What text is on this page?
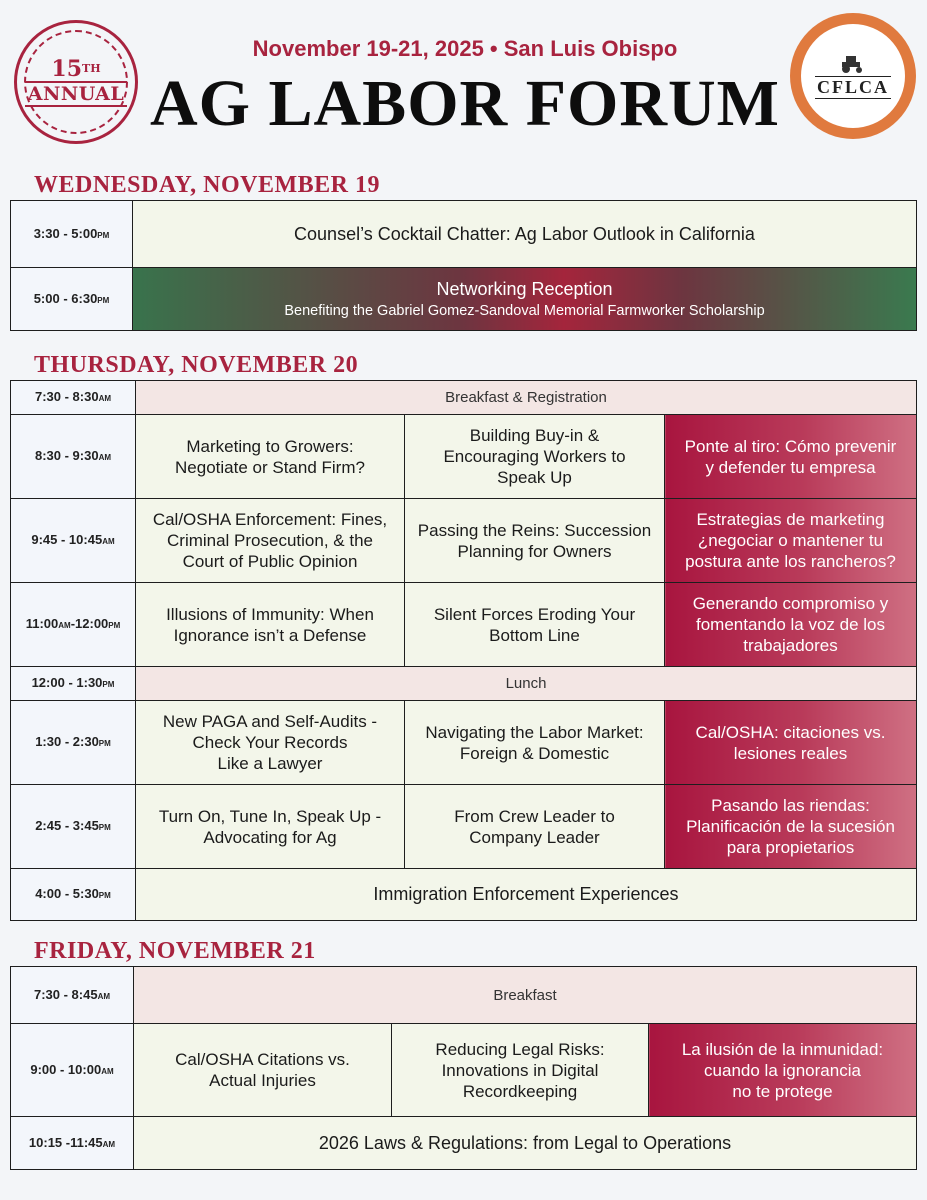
15TH
ANNUAL
November 19-21, 2025 • San Luis Obispo
AG LABOR FORUM CFLCA
WEDNESDAY, NOVEMBER 19
3:30 - 5:00PM	Counsel’s Cocktail Chatter: Ag Labor Outlook in California
5:00 - 6:30PM	Networking Reception
Benefiting the Gabriel Gomez-Sandoval Memorial Farmworker Scholarship
THURSDAY, NOVEMBER 20
7:30 - 8:30AM	Breakfast & Registration		
8:30 - 9:30AM	Marketing to Growers:
Negotiate or Stand Firm?	Building Buy-in &
Encouraging Workers to
Speak Up	Ponte al tiro: Cómo prevenir
y defender tu empresa
9:45 - 10:45AM	Cal/OSHA Enforcement: Fines,
Criminal Prosecution, & the
Court of Public Opinion	Passing the Reins: Succession
Planning for Owners	Estrategias de marketing
¿negociar o mantener tu
postura ante los rancheros?
11:00AM-12:00PM	Illusions of Immunity: When
Ignorance isn’t a Defense	Silent Forces Eroding Your
Bottom Line	Generando compromiso y
fomentando la voz de los
trabajadores
12:00 - 1:30PM	Lunch		
1:30 - 2:30PM	New PAGA and Self-Audits -
Check Your Records
Like a Lawyer	Navigating the Labor Market:
Foreign & Domestic	Cal/OSHA: citaciones vs.
lesiones reales
2:45 - 3:45PM	Turn On, Tune In, Speak Up -
Advocating for Ag	From Crew Leader to
Company Leader	Pasando las riendas:
Planificación de la sucesión
para propietarios
4:00 - 5:30PM	Immigration Enforcement Experiences		
FRIDAY, NOVEMBER 21
7:30 - 8:45AM	Breakfast		
9:00 - 10:00AM	Cal/OSHA Citations vs.
Actual Injuries	Reducing Legal Risks:
Innovations in Digital
Recordkeeping	La ilusión de la inmunidad:
cuando la ignorancia
no te protege
10:15 -11:45AM	2026 Laws & Regulations: from Legal to Operations		
